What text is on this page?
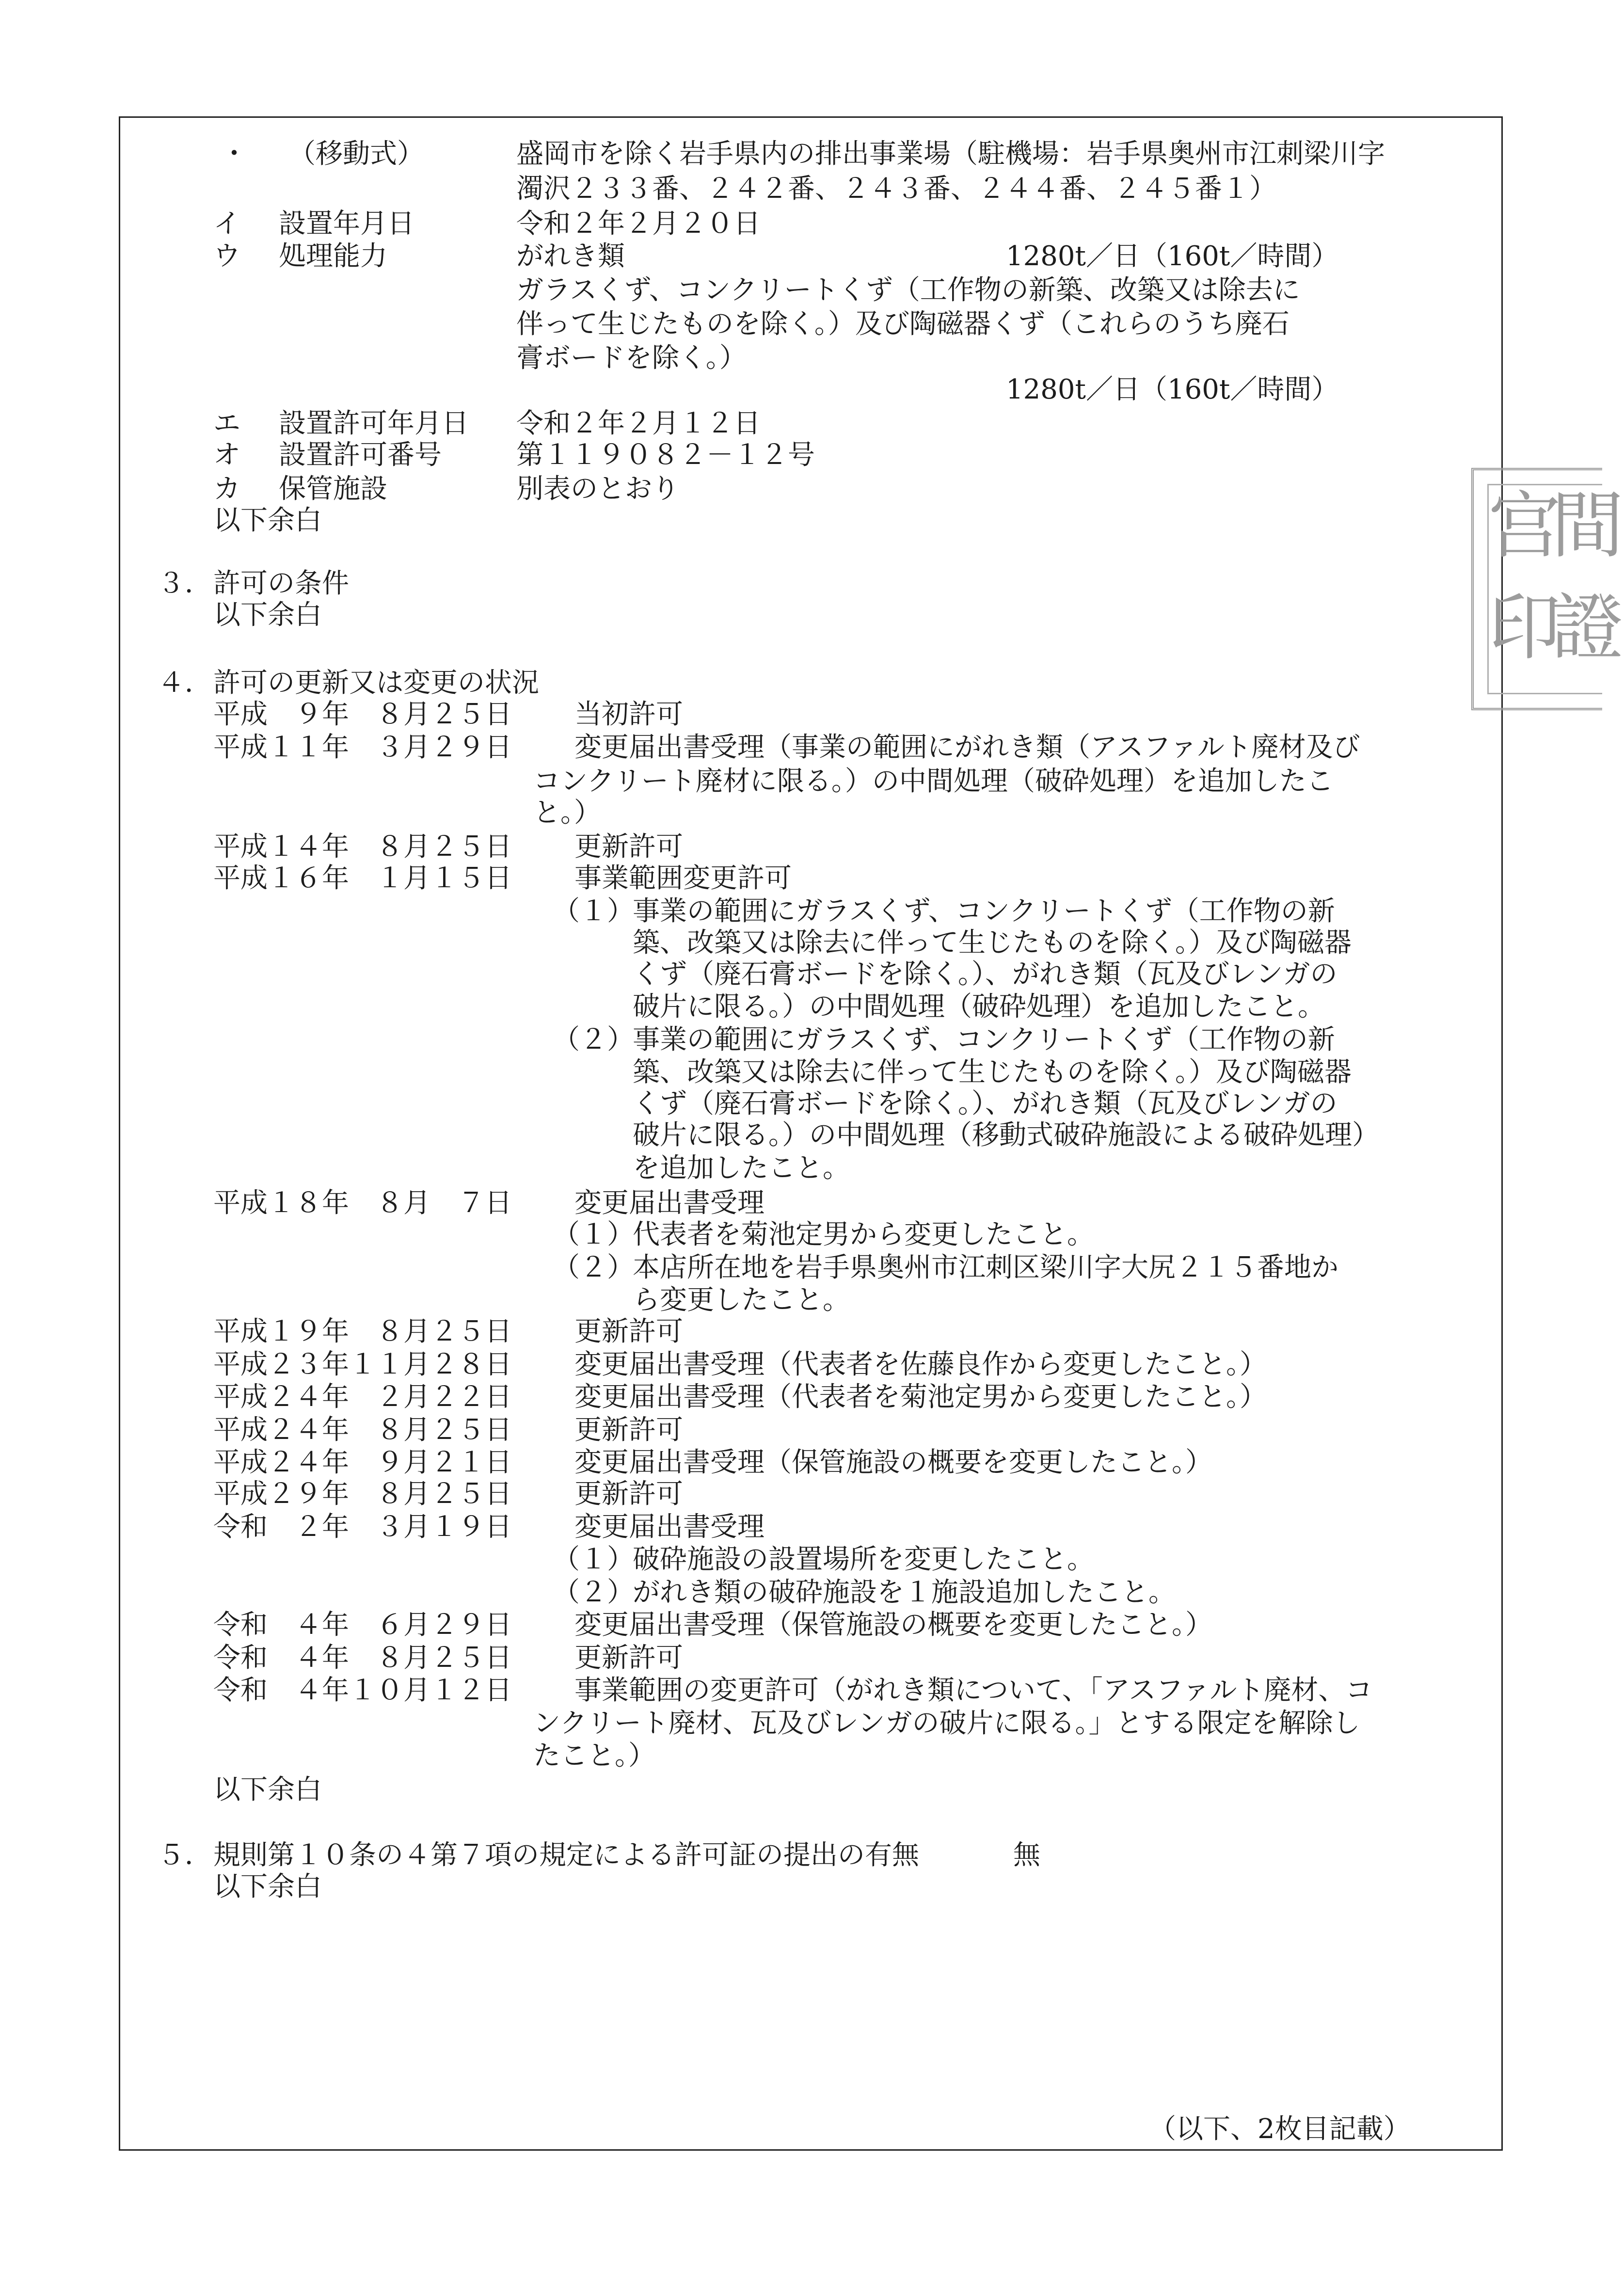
・ （移動式）	盛岡市を除く岩手県内の排出事業場（駐機場：岩手県奥州市江刺梁川字
濁沢２３３番、２４２番、２４３番、２４４番、２４５番１）
イ 設置年月日	令和２年２月２０日
ウ 処理能力	がれき類	1280t／日（160t／時間）
ガラスくず、コンクリートくず（工作物の新築、改築又は除去に
伴って生じたものを除く。）及び陶磁器くず（これらのうち廃石
膏ボードを除く。）
1280t／日（160t／時間）
エ 設置許可年月日 令和２年２月１２日
オ 設置許可番号	第１１９０８２－１２号
カ 保管施設	別表のとおり
以下余白
３． 許可の条件
以下余白
４． 許可の更新又は変更の状況
平成　９年　８月２５日 当初許可
平成１１年　３月２９日 変更届出書受理（事業の範囲にがれき類（アスファルト廃材及び
コンクリート廃材に限る。）の中間処理（破砕処理）を追加したこ
と。）
平成１４年　８月２５日 更新許可
平成１６年　１月１５日 事業範囲変更許可
（１）
事業の範囲にガラスくず、コンクリートくず（工作物の新
築、改築又は除去に伴って生じたものを除く。）及び陶磁器
くず（廃石膏ボードを除く。）、がれき類（瓦及びレンガの
破片に限る。）の中間処理（破砕処理）を追加したこと。
（２）
事業の範囲にガラスくず、コンクリートくず（工作物の新
築、改築又は除去に伴って生じたものを除く。）及び陶磁器
くず（廃石膏ボードを除く。）、がれき類（瓦及びレンガの
破片に限る。）の中間処理（移動式破砕施設による破砕処理）
を追加したこと。
平成１８年　８月　７日 変更届出書受理
（１）
代表者を菊池定男から変更したこと。
（２）
本店所在地を岩手県奥州市江刺区梁川字大尻２１５番地か
ら変更したこと。
平成１９年　８月２５日 更新許可
平成２３年１１月２８日 変更届出書受理（代表者を佐藤良作から変更したこと。）
平成２４年　２月２２日 変更届出書受理（代表者を菊池定男から変更したこと。）
平成２４年　８月２５日 更新許可
平成２４年　９月２１日 変更届出書受理（保管施設の概要を変更したこと。）
平成２９年　８月２５日 更新許可
令和　２年　３月１９日 変更届出書受理
（１）
破砕施設の設置場所を変更したこと。
（２）
がれき類の破砕施設を１施設追加したこと。
令和　４年　６月２９日 変更届出書受理（保管施設の概要を変更したこと。）
令和　４年　８月２５日 更新許可
令和　４年１０月１２日 事業範囲の変更許可（がれき類について、「アスファルト廃材、コ
ンクリート廃材、瓦及びレンガの破片に限る。」とする限定を解除し
たこと。）
以下余白
５． 規則第１０条の４第７項の規定による許可証の提出の有無	無
以下余白
（以下、2枚目記載）
宫
間
印
證
